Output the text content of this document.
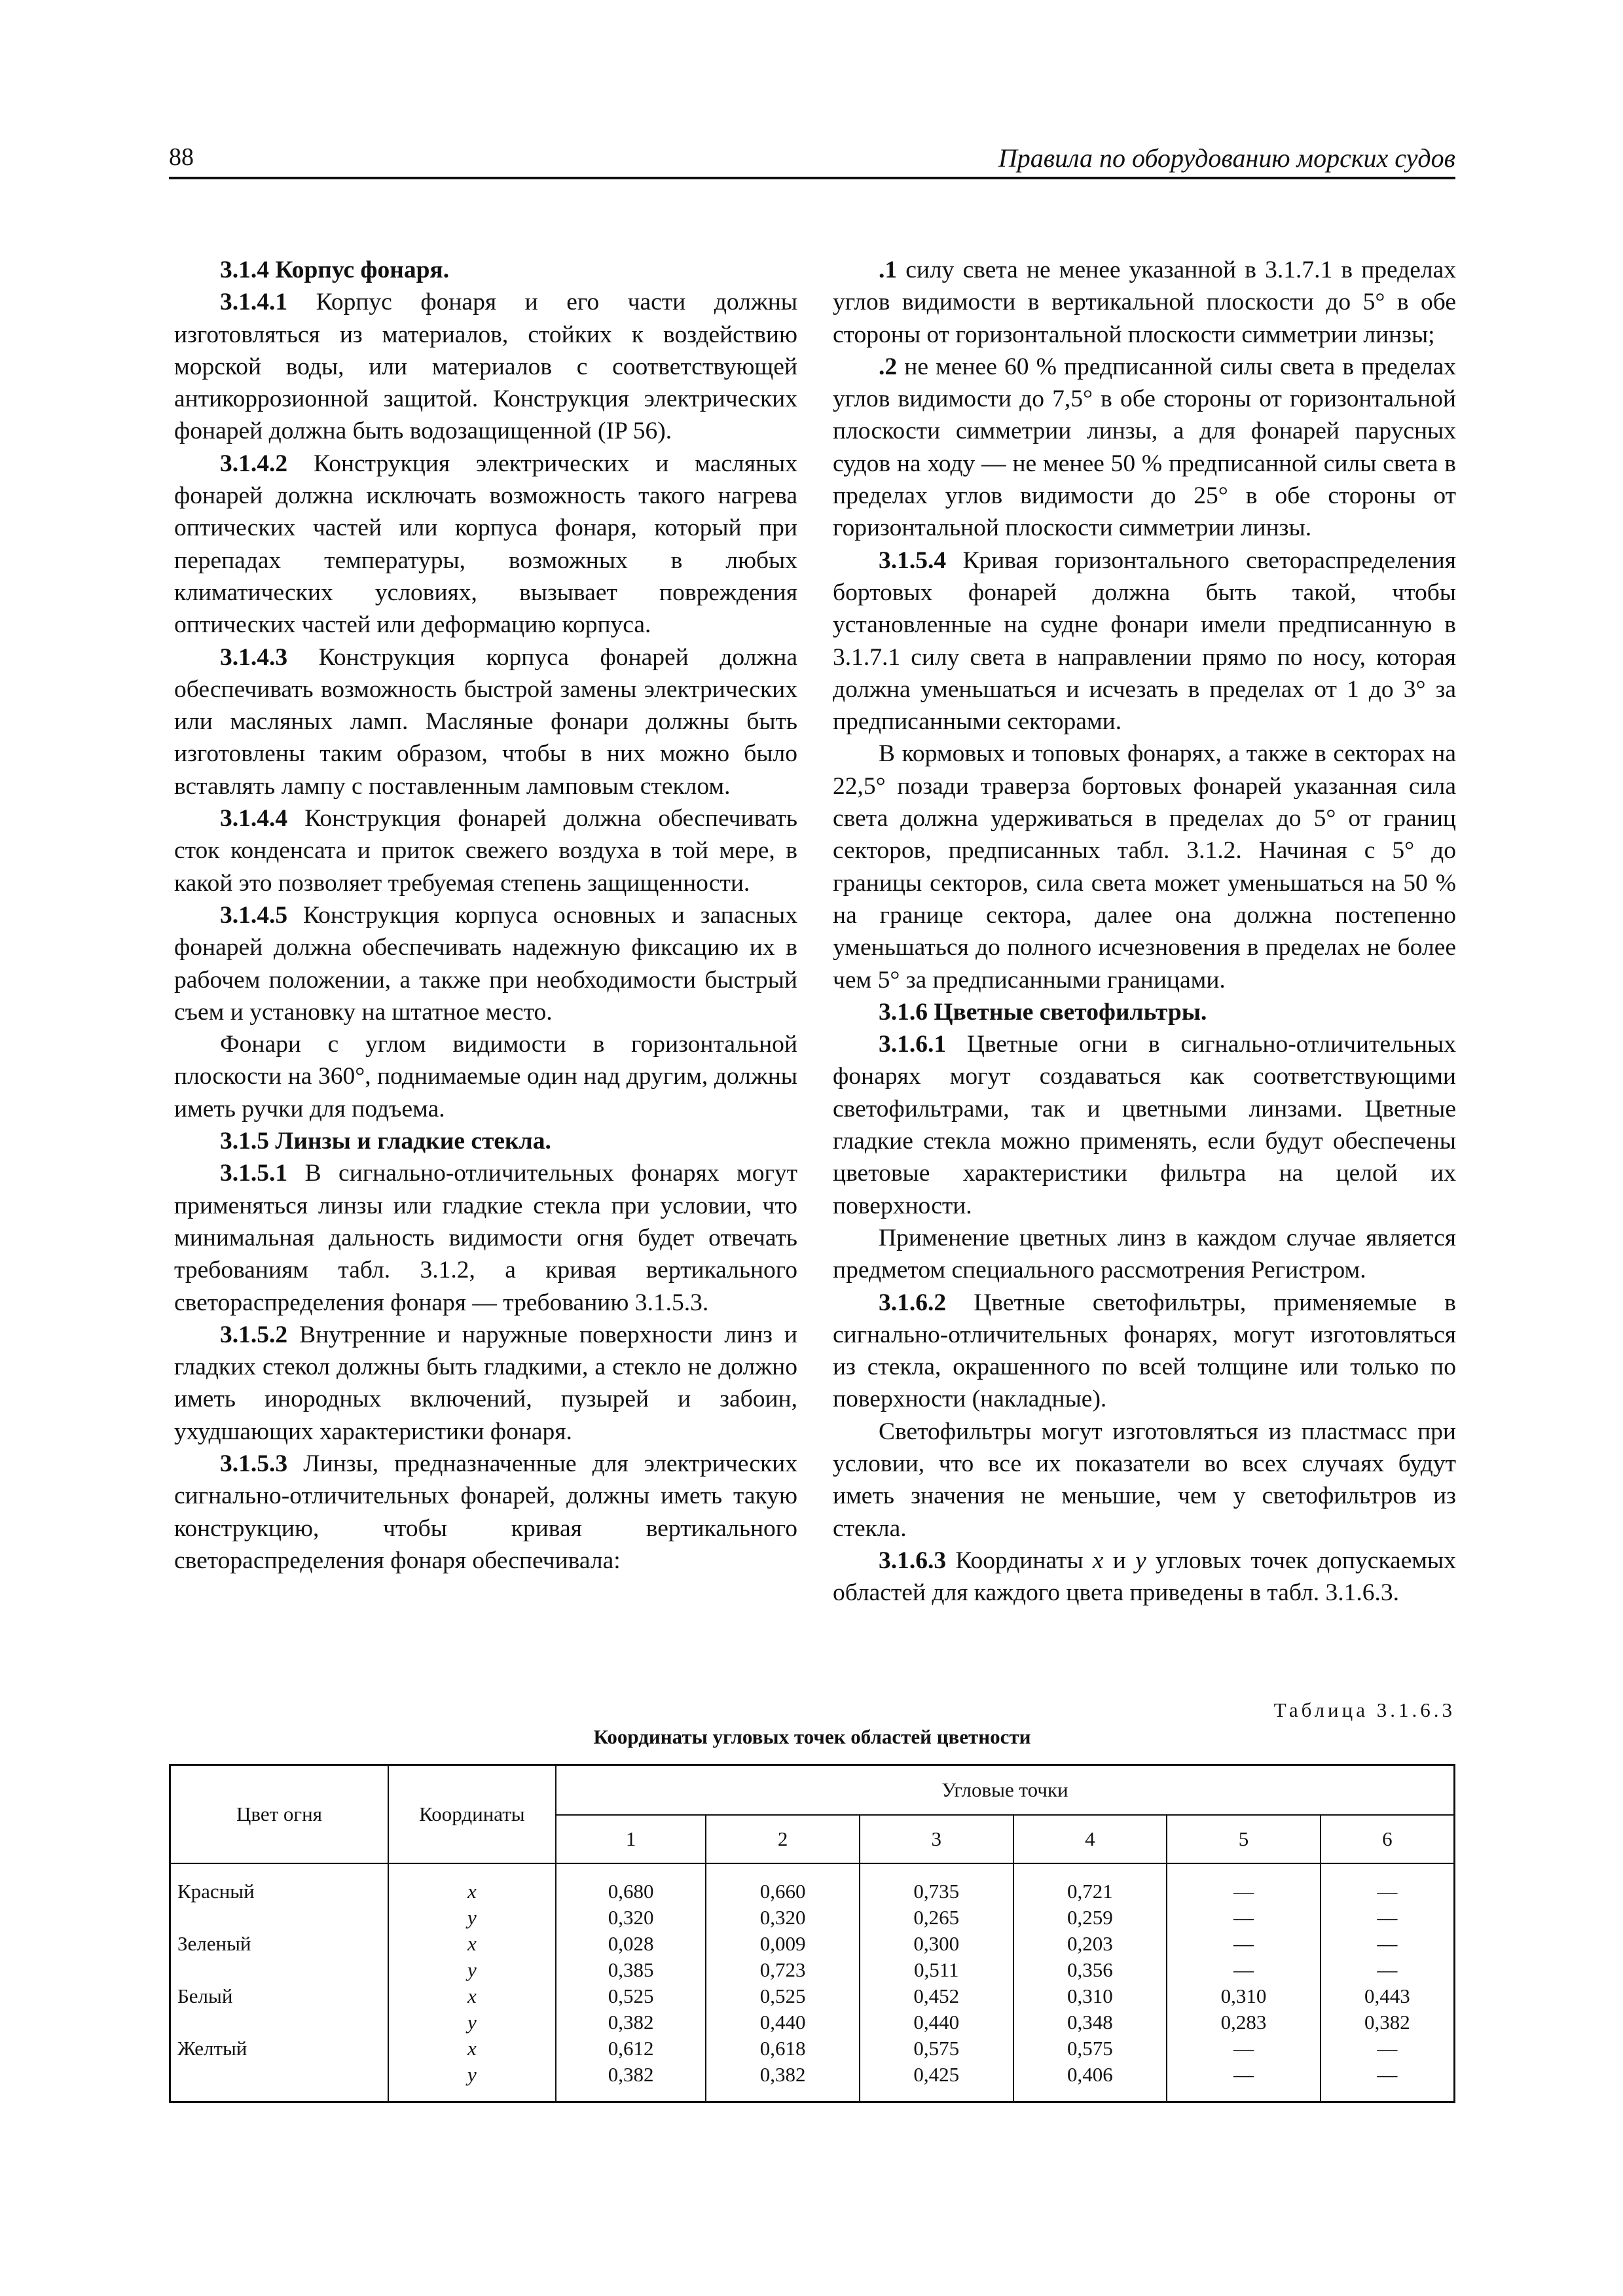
88	Правила по оборудованию морских судов

3.1.4 Корпус фонаря.

3.1.4.1 Корпус фонаря и его части должны изготовляться из материалов, стойких к воздействию морской воды, или материалов с соответствующей антикоррозионной защитой. Конструкция электрических фонарей должна быть водозащищенной (IP 56).

3.1.4.2 Конструкция электрических и масляных фонарей должна исключать возможность такого нагрева оптических частей или корпуса фонаря, который при перепадах температуры, возможных в любых климатических условиях, вызывает повреждения оптических частей или деформацию корпуса.

3.1.4.3 Конструкция корпуса фонарей должна обеспечивать возможность быстрой замены электрических или масляных ламп. Масляные фонари должны быть изготовлены таким образом, чтобы в них можно было вставлять лампу с поставленным ламповым стеклом.

3.1.4.4 Конструкция фонарей должна обеспечивать сток конденсата и приток свежего воздуха в той мере, в какой это позволяет требуемая степень защищенности.

3.1.4.5 Конструкция корпуса основных и запасных фонарей должна обеспечивать надежную фиксацию их в рабочем положении, а также при необходимости быстрый съем и установку на штатное место.

Фонари с углом видимости в горизонтальной плоскости на 360°, поднимаемые один над другим, должны иметь ручки для подъема.

3.1.5 Линзы и гладкие стекла.

3.1.5.1 В сигнально-отличительных фонарях могут применяться линзы или гладкие стекла при условии, что минимальная дальность видимости огня будет отвечать требованиям табл. 3.1.2, а кривая вертикального светораспределения фонаря — требованию 3.1.5.3.

3.1.5.2 Внутренние и наружные поверхности линз и гладких стекол должны быть гладкими, а стекло не должно иметь инородных включений, пузырей и забоин, ухудшающих характеристики фонаря.

3.1.5.3 Линзы, предназначенные для электрических сигнально-отличительных фонарей, должны иметь такую конструкцию, чтобы кривая вертикального светораспределения фонаря обеспечивала:

.1 силу света не менее указанной в 3.1.7.1 в пределах углов видимости в вертикальной плоскости до 5° в обе стороны от горизонтальной плоскости симметрии линзы;

.2 не менее 60 % предписанной силы света в пределах углов видимости до 7,5° в обе стороны от горизонтальной плоскости симметрии линзы, а для фонарей парусных судов на ходу — не менее 50 % предписанной силы света в пределах углов видимости до 25° в обе стороны от горизонтальной плоскости симметрии линзы.

3.1.5.4 Кривая горизонтального светораспределения бортовых фонарей должна быть такой, чтобы установленные на судне фонари имели предписанную в 3.1.7.1 силу света в направлении прямо по носу, которая должна уменьшаться и исчезать в пределах от 1 до 3° за предписанными секторами.

В кормовых и топовых фонарях, а также в секторах на 22,5° позади траверза бортовых фонарей указанная сила света должна удерживаться в пределах до 5° от границ секторов, предписанных табл. 3.1.2. Начиная с 5° до границы секторов, сила света может уменьшаться на 50 % на границе сектора, далее она должна постепенно уменьшаться до полного исчезновения в пределах не более чем 5° за предписанными границами.

3.1.6 Цветные светофильтры.

3.1.6.1 Цветные огни в сигнально-отличительных фонарях могут создаваться как соответствующими светофильтрами, так и цветными линзами. Цветные гладкие стекла можно применять, если будут обеспечены цветовые характеристики фильтра на целой их поверхности.

Применение цветных линз в каждом случае является предметом специального рассмотрения Регистром.

3.1.6.2 Цветные светофильтры, применяемые в сигнально-отличительных фонарях, могут изготовляться из стекла, окрашенного по всей толщине или только по поверхности (накладные).

Светофильтры могут изготовляться из пластмасс при условии, что все их показатели во всех случаях будут иметь значения не меньшие, чем у светофильтров из стекла.

3.1.6.3 Координаты x и y угловых точек допускаемых областей для каждого цвета приведены в табл. 3.1.6.3.

Таблица 3.1.6.3
Координаты угловых точек областей цветности
Цвет огня	Координаты	Угловые точки					
		1	2	3	4	5	6
Красный	x	0,680	0,660	0,735	0,721	—	—
	y	0,320	0,320	0,265	0,259	—	—
Зеленый	x	0,028	0,009	0,300	0,203	—	—
	y	0,385	0,723	0,511	0,356	—	—
Белый	x	0,525	0,525	0,452	0,310	0,310	0,443
	y	0,382	0,440	0,440	0,348	0,283	0,382
Желтый	x	0,612	0,618	0,575	0,575	—	—
	y	0,382	0,382	0,425	0,406	—	—
